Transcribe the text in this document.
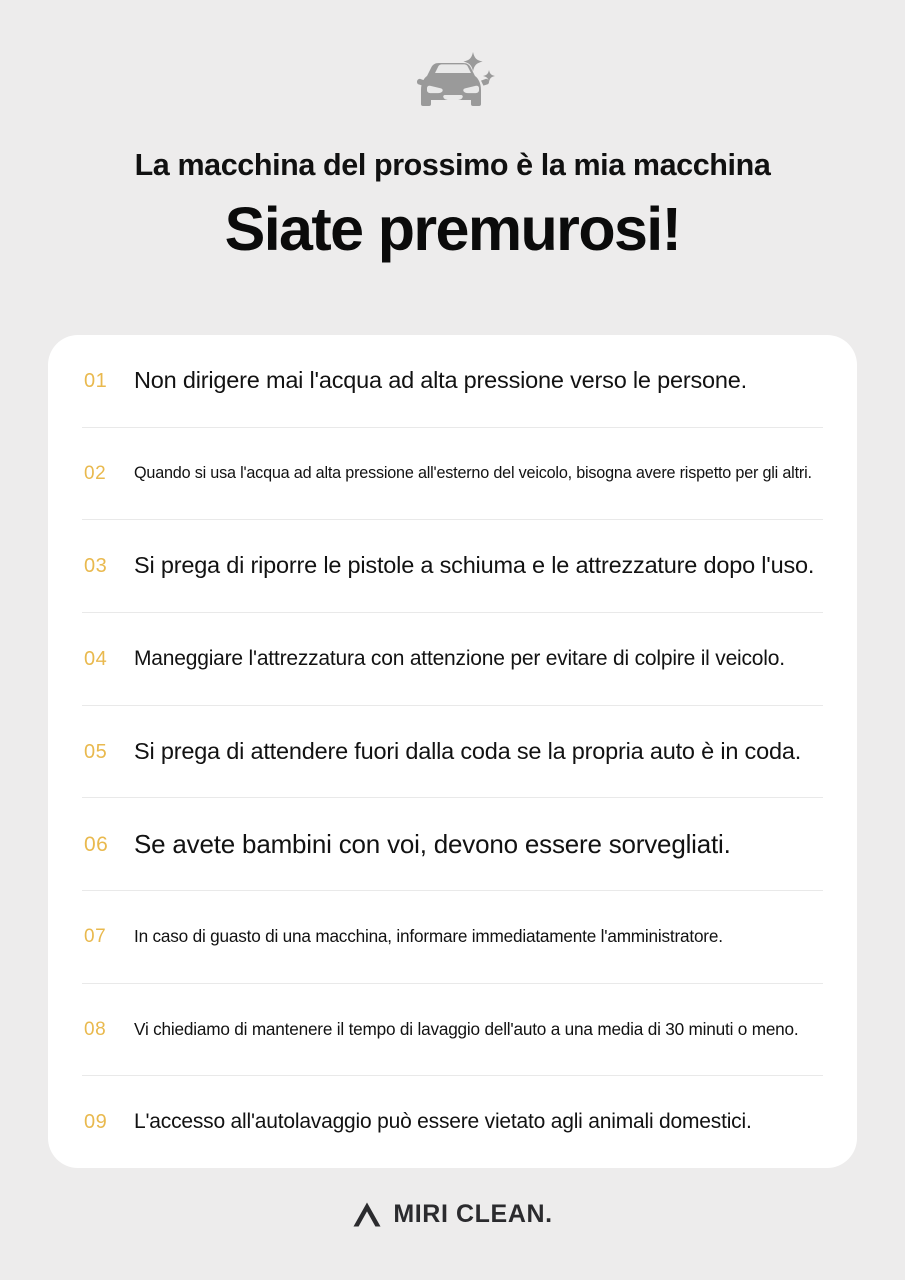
La macchina del prossimo è la mia macchina
Siate premurosi!
01	Non dirigere mai l'acqua ad alta pressione verso le persone.
02	Quando si usa l'acqua ad alta pressione all'esterno del veicolo, bisogna avere rispetto per gli altri.
03	Si prega di riporre le pistole a schiuma e le attrezzature dopo l'uso.
04	Maneggiare l'attrezzatura con attenzione per evitare di colpire il veicolo.
05	Si prega di attendere fuori dalla coda se la propria auto è in coda.
06 Se avete bambini con voi, devono essere sorvegliati.
07	In caso di guasto di una macchina, informare immediatamente l'amministratore.
08	Vi chiediamo di mantenere il tempo di lavaggio dell'auto a una media di 30 minuti o meno.
09	L'accesso all'autolavaggio può essere vietato agli animali domestici.
MIRI CLEAN.
